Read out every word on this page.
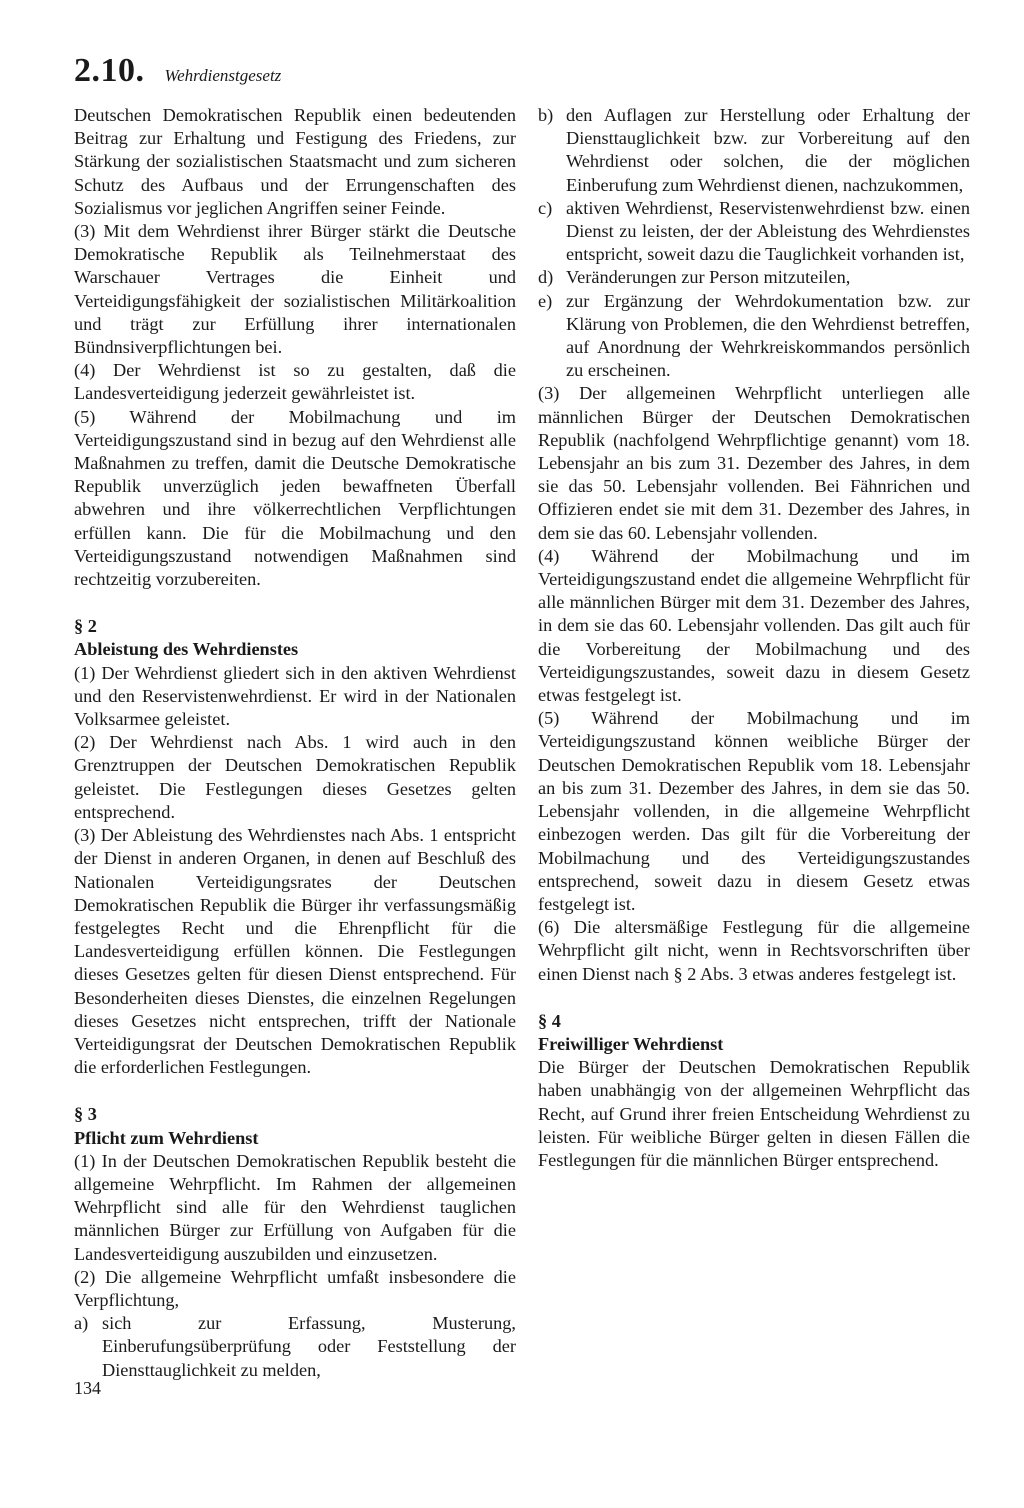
2.10. Wehrdienstgesetz

Deutschen Demokratischen Republik einen bedeutenden Beitrag zur Erhaltung und Festigung des Friedens, zur Stärkung der sozialistischen Staatsmacht und zum sicheren Schutz des Aufbaus und der Errungenschaften des Sozialismus vor jeglichen Angriffen seiner Feinde.

(3) Mit dem Wehrdienst ihrer Bürger stärkt die Deutsche Demokratische Republik als Teilnehmerstaat des Warschauer Vertrages die Einheit und Verteidigungsfähigkeit der sozialistischen Militärkoalition und trägt zur Erfüllung ihrer internationalen Bündnsiverpflichtungen bei.

(4) Der Wehrdienst ist so zu gestalten, daß die Landesverteidigung jederzeit gewährleistet ist.

(5) Während der Mobilmachung und im Verteidigungszustand sind in bezug auf den Wehrdienst alle Maßnahmen zu treffen, damit die Deutsche Demokratische Republik unverzüglich jeden bewaffneten Überfall abwehren und ihre völkerrechtlichen Verpflichtungen erfüllen kann. Die für die Mobilmachung und den Verteidigungszustand notwendigen Maßnahmen sind rechtzeitig vorzubereiten.

§ 2

Ableistung des Wehrdienstes

(1) Der Wehrdienst gliedert sich in den aktiven Wehrdienst und den Reservistenwehrdienst. Er wird in der Nationalen Volksarmee geleistet.

(2) Der Wehrdienst nach Abs. 1 wird auch in den Grenztruppen der Deutschen Demokratischen Republik geleistet. Die Festlegungen dieses Gesetzes gelten entsprechend.

(3) Der Ableistung des Wehrdienstes nach Abs. 1 entspricht der Dienst in anderen Organen, in denen auf Beschluß des Nationalen Verteidigungsrates der Deutschen Demokratischen Republik die Bürger ihr verfassungsmäßig festgelegtes Recht und die Ehrenpflicht für die Landesverteidigung erfüllen können. Die Festlegungen dieses Gesetzes gelten für diesen Dienst entsprechend. Für Besonderheiten dieses Dienstes, die einzelnen Regelungen dieses Gesetzes nicht entsprechen, trifft der Nationale Verteidigungsrat der Deutschen Demokratischen Republik die erforderlichen Festlegungen.

§ 3

Pflicht zum Wehrdienst

(1) In der Deutschen Demokratischen Republik besteht die allgemeine Wehrpflicht. Im Rahmen der allgemeinen Wehrpflicht sind alle für den Wehrdienst tauglichen männlichen Bürger zur Erfüllung von Aufgaben für die Landesverteidigung auszubilden und einzusetzen.

(2) Die allgemeine Wehrpflicht umfaßt insbesondere die Verpflichtung,

a) sich zur Erfassung, Musterung, Einberufungsüberprüfung oder Feststellung der Diensttauglichkeit zu melden,
b) den Auflagen zur Herstellung oder Erhaltung der Diensttauglichkeit bzw. zur Vorbereitung auf den Wehrdienst oder solchen, die der möglichen Einberufung zum Wehrdienst dienen, nachzukommen,
c) aktiven Wehrdienst, Reservistenwehrdienst bzw. einen Dienst zu leisten, der der Ableistung des Wehrdienstes entspricht, soweit dazu die Tauglichkeit vorhanden ist,
d) Veränderungen zur Person mitzuteilen,
e) zur Ergänzung der Wehrdokumentation bzw. zur Klärung von Problemen, die den Wehrdienst betreffen, auf Anordnung der Wehrkreiskommandos persönlich zu erscheinen.

(3) Der allgemeinen Wehrpflicht unterliegen alle männlichen Bürger der Deutschen Demokratischen Republik (nachfolgend Wehrpflichtige genannt) vom 18. Lebensjahr an bis zum 31. Dezember des Jahres, in dem sie das 50. Lebensjahr vollenden. Bei Fähnrichen und Offizieren endet sie mit dem 31. Dezember des Jahres, in dem sie das 60. Lebensjahr vollenden.

(4) Während der Mobilmachung und im Verteidigungszustand endet die allgemeine Wehrpflicht für alle männlichen Bürger mit dem 31. Dezember des Jahres, in dem sie das 60. Lebensjahr vollenden. Das gilt auch für die Vorbereitung der Mobilmachung und des Verteidigungszustandes, soweit dazu in diesem Gesetz etwas festgelegt ist.

(5) Während der Mobilmachung und im Verteidigungszustand können weibliche Bürger der Deutschen Demokratischen Republik vom 18. Lebensjahr an bis zum 31. Dezember des Jahres, in dem sie das 50. Lebensjahr vollenden, in die allgemeine Wehrpflicht einbezogen werden. Das gilt für die Vorbereitung der Mobilmachung und des Verteidigungszustandes entsprechend, soweit dazu in diesem Gesetz etwas festgelegt ist.

(6) Die altersmäßige Festlegung für die allgemeine Wehrpflicht gilt nicht, wenn in Rechtsvorschriften über einen Dienst nach § 2 Abs. 3 etwas anderes festgelegt ist.

§ 4

Freiwilliger Wehrdienst

Die Bürger der Deutschen Demokratischen Republik haben unabhängig von der allgemeinen Wehrpflicht das Recht, auf Grund ihrer freien Entscheidung Wehrdienst zu leisten. Für weibliche Bürger gelten in diesen Fällen die Festlegungen für die männlichen Bürger entsprechend.

134
